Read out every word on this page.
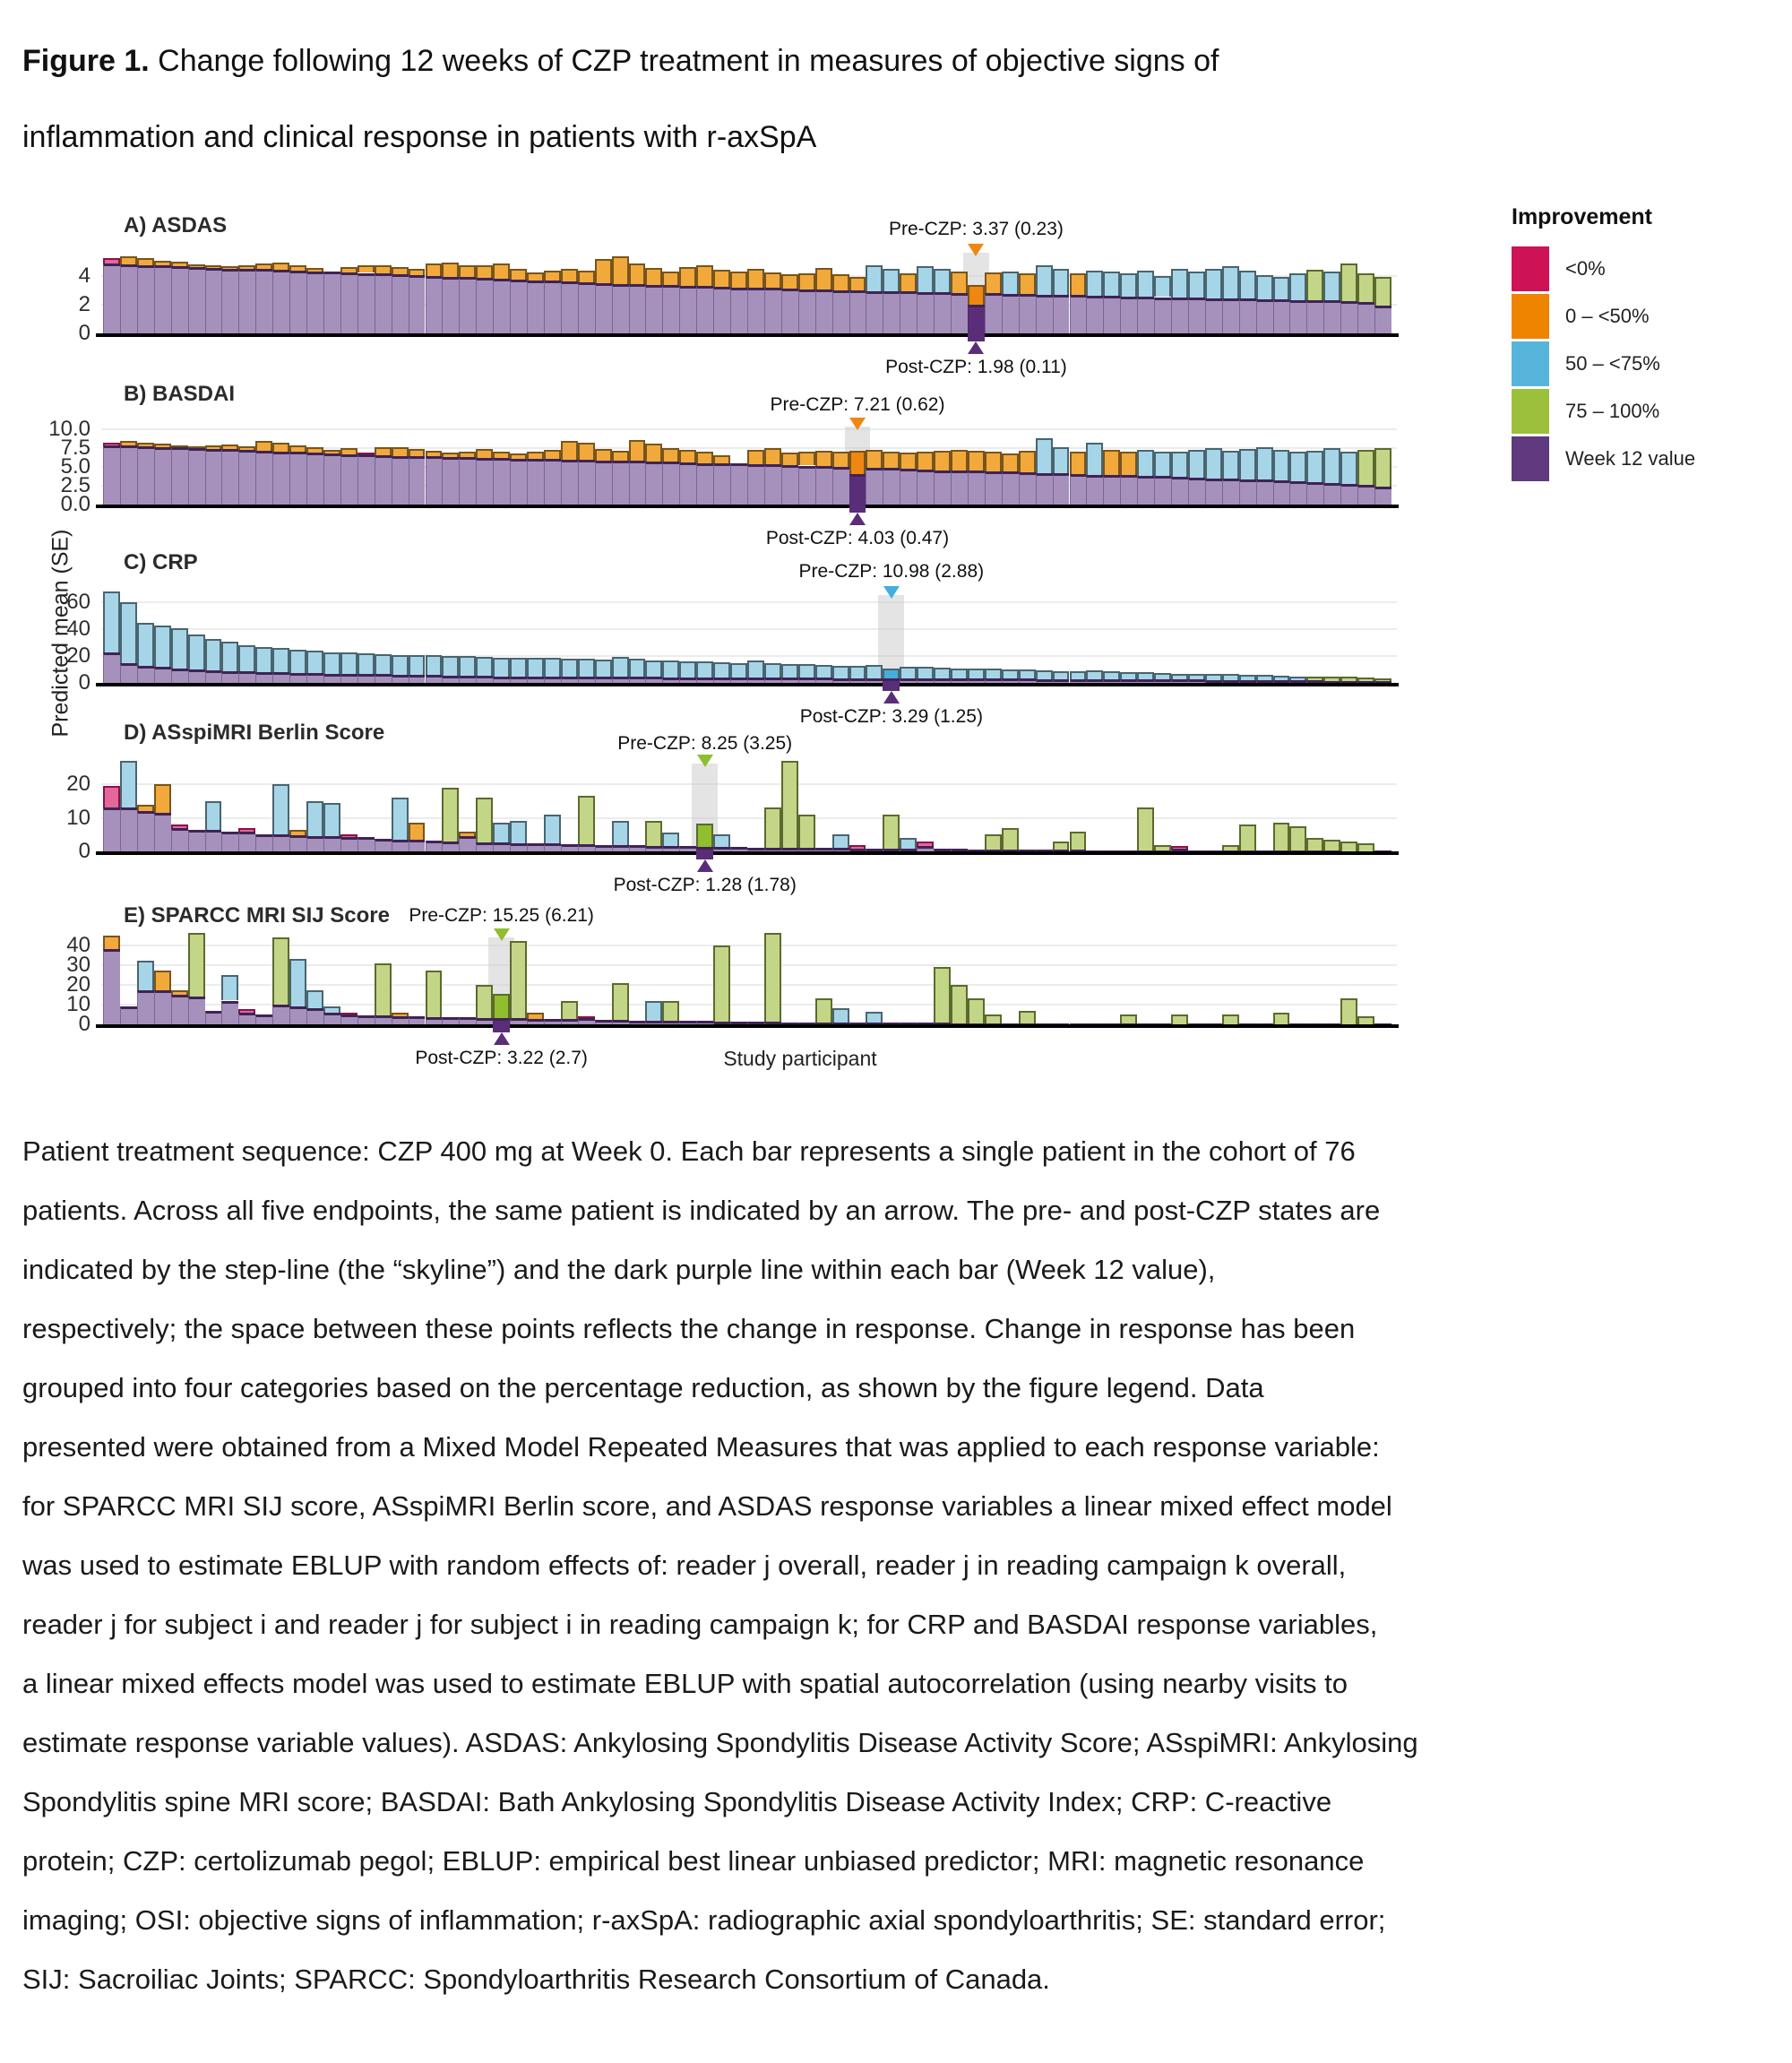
Figure 1. Change following 12 weeks of CZP treatment in measures of objective signs of
inflammation and clinical response in patients with r-axSpA
0
2
4
Pre-CZP: 3.37 (0.23)
Post-CZP: 1.98 (0.11)
0.0
2.5
5.0
7.5
10.0
Pre-CZP: 7.21 (0.62)
Post-CZP: 4.03 (0.47)
0
20
40
60
Pre-CZP: 10.98 (2.88)
Post-CZP: 3.29 (1.25)
0
10
20
Pre-CZP: 8.25 (3.25)
Post-CZP: 1.28 (1.78)
0
10
20
30
40
Pre-CZP: 15.25 (6.21)
Post-CZP: 3.22 (2.7)
A) ASDAS
B) BASDAI
C) CRP
D) ASspiMRI Berlin Score
E) SPARCC MRI SIJ Score
Predicted mean (SE)
Study participant
Improvement
<0%
0 – <50%
50 – <75%
75 – 100%
Week 12 value
Patient treatment sequence: CZP 400 mg at Week 0. Each bar represents a single patient in the cohort of 76
patients. Across all five endpoints, the same patient is indicated by an arrow. The pre- and post-CZP states are
indicated by the step-line (the “skyline”) and the dark purple line within each bar (Week 12 value),
respectively; the space between these points reflects the change in response. Change in response has been
grouped into four categories based on the percentage reduction, as shown by the figure legend. Data
presented were obtained from a Mixed Model Repeated Measures that was applied to each response variable:
for SPARCC MRI SIJ score, ASspiMRI Berlin score, and ASDAS response variables a linear mixed effect model
was used to estimate EBLUP with random effects of: reader j overall, reader j in reading campaign k overall,
reader j for subject i and reader j for subject i in reading campaign k; for CRP and BASDAI response variables,
a linear mixed effects model was used to estimate EBLUP with spatial autocorrelation (using nearby visits to
estimate response variable values). ASDAS: Ankylosing Spondylitis Disease Activity Score; ASspiMRI: Ankylosing
Spondylitis spine MRI score; BASDAI: Bath Ankylosing Spondylitis Disease Activity Index; CRP: C-reactive
protein; CZP: certolizumab pegol; EBLUP: empirical best linear unbiased predictor; MRI: magnetic resonance
imaging; OSI: objective signs of inflammation; r-axSpA: radiographic axial spondyloarthritis; SE: standard error;
SIJ: Sacroiliac Joints; SPARCC: Spondyloarthritis Research Consortium of Canada.
